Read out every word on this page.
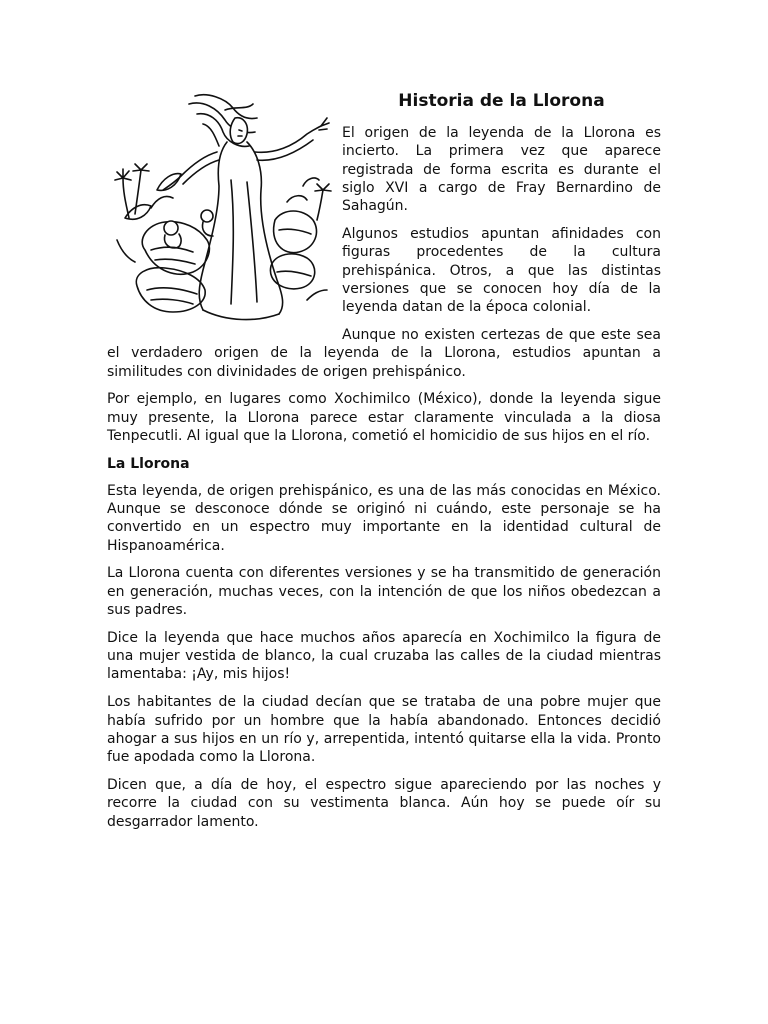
Historia de la Llorona

El origen de la leyenda de la Llorona es incierto. La primera vez que aparece registrada de forma escrita es durante el siglo XVI a cargo de Fray Bernardino de Sahagún.

Algunos estudios apuntan afinidades con figuras procedentes de la cultura prehispánica. Otros, a que las distintas versiones que se conocen hoy día de la leyenda datan de la época colonial.

Aunque no existen certezas de que este sea el verdadero origen de la leyenda de la Llorona, estudios apuntan a similitudes con divinidades de origen prehispánico.

Por ejemplo, en lugares como Xochimilco (México), donde la leyenda sigue muy presente, la Llorona parece estar claramente vinculada a la diosa Tenpecutli. Al igual que la Llorona, cometió el homicidio de sus hijos en el río.

La Llorona

Esta leyenda, de origen prehispánico, es una de las más conocidas en México. Aunque se desconoce dónde se originó ni cuándo, este personaje se ha convertido en un espectro muy importante en la identidad cultural de Hispanoamérica.

La Llorona cuenta con diferentes versiones y se ha transmitido de generación en generación, muchas veces, con la intención de que los niños obedezcan a sus padres.

Dice la leyenda que hace muchos años aparecía en Xochimilco la figura de una mujer vestida de blanco, la cual cruzaba las calles de la ciudad mientras lamentaba: ¡Ay, mis hijos!

Los habitantes de la ciudad decían que se trataba de una pobre mujer que había sufrido por un hombre que la había abandonado. Entonces decidió ahogar a sus hijos en un río y, arrepentida, intentó quitarse ella la vida. Pronto fue apodada como la Llorona.

Dicen que, a día de hoy, el espectro sigue apareciendo por las noches y recorre la ciudad con su vestimenta blanca. Aún hoy se puede oír su desgarrador lamento.
